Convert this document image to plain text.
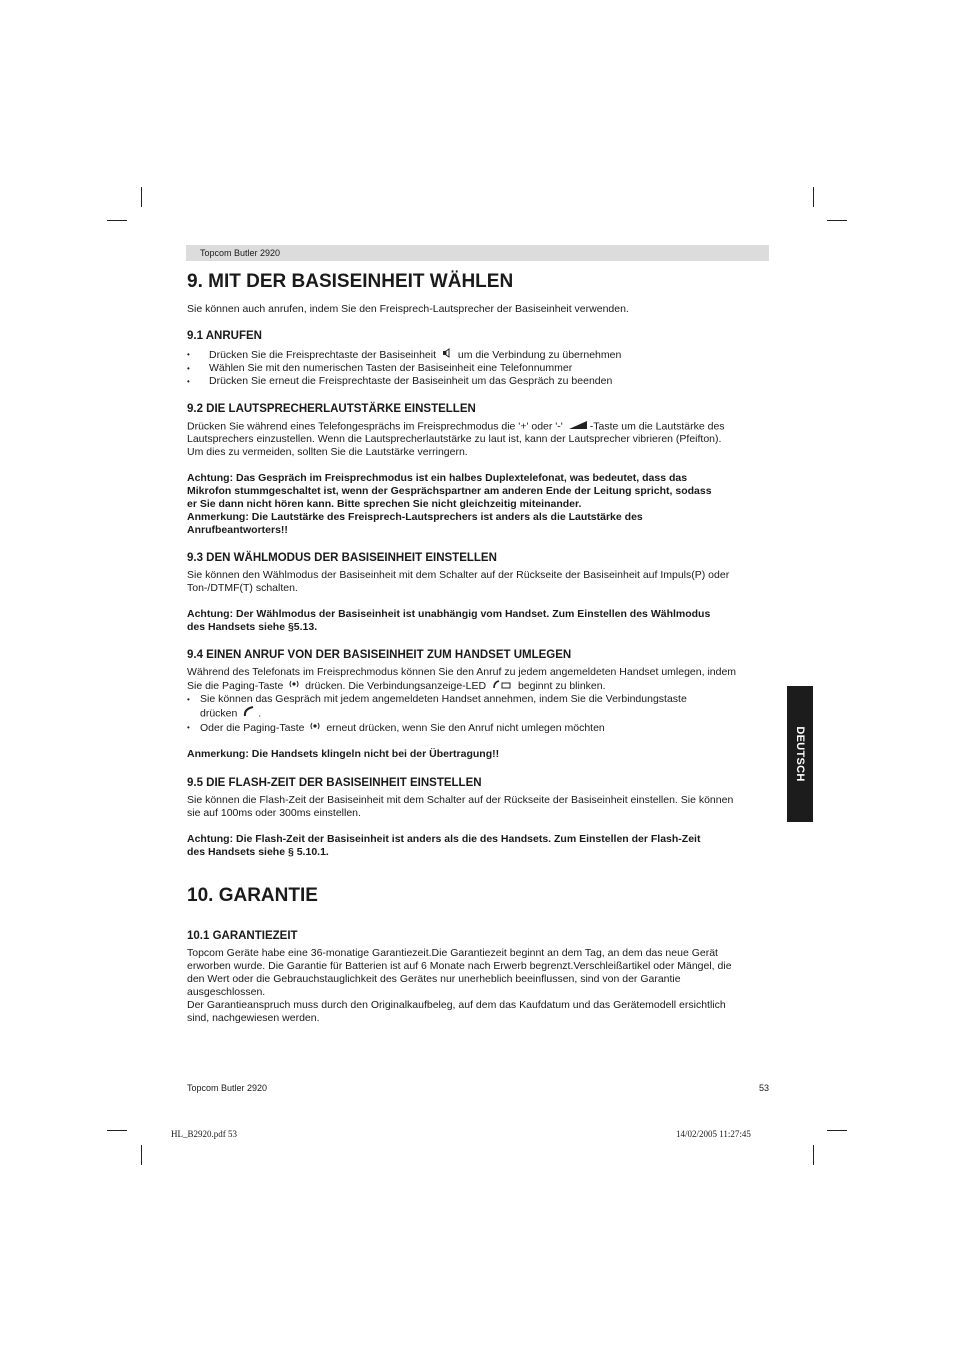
Topcom Butler 2920
9. MIT DER BASISEINHEIT WÄHLEN

Sie können auch anrufen, indem Sie den Freisprech-Lautsprecher der Basiseinheit verwenden.

9.1 ANRUFEN
• Drücken Sie die Freisprechtaste der Basiseinheit um die Verbindung zu übernehmen
• Wählen Sie mit den numerischen Tasten der Basiseinheit eine Telefonnummer
• Drücken Sie erneut die Freisprechtaste der Basiseinheit um das Gespräch zu beenden
9.2 DIE LAUTSPRECHERLAUTSTÄRKE EINSTELLEN

Drücken Sie während eines Telefongesprächs im Freisprechmodus die '+' oder '-'	-Taste um die Lautstärke des
Lautsprechers einzustellen. Wenn die Lautsprecherlautstärke zu laut ist, kann der Lautsprecher vibrieren (Pfeifton).
Um dies zu vermeiden, sollten Sie die Lautstärke verringern.

Achtung: Das Gespräch im Freisprechmodus ist ein halbes Duplextelefonat, was bedeutet, dass das
Mikrofon stummgeschaltet ist, wenn der Gesprächspartner am anderen Ende der Leitung spricht, sodass
er Sie dann nicht hören kann. Bitte sprechen Sie nicht gleichzeitig miteinander.
Anmerkung: Die Lautstärke des Freisprech-Lautsprechers ist anders als die Lautstärke des
Anrufbeantworters!!

9.3 DEN WÄHLMODUS DER BASISEINHEIT EINSTELLEN

Sie können den Wählmodus der Basiseinheit mit dem Schalter auf der Rückseite der Basiseinheit auf Impuls(P) oder
Ton-/DTMF(T) schalten.

Achtung: Der Wählmodus der Basiseinheit ist unabhängig vom Handset. Zum Einstellen des Wählmodus
des Handsets siehe §5.13.

9.4 EINEN ANRUF VON DER BASISEINHEIT ZUM HANDSET UMLEGEN

Während des Telefonats im Freisprechmodus können Sie den Anruf zu jedem angemeldeten Handset umlegen, indem
Sie die Paging-Taste drücken. Die Verbindungsanzeige-LED	beginnt zu blinken.

• Sie können das Gespräch mit jedem angemeldeten Handset annehmen, indem Sie die Verbindungstaste
drücken .
• Oder die Paging-Taste erneut drücken, wenn Sie den Anruf nicht umlegen möchten

Anmerkung: Die Handsets klingeln nicht bei der Übertragung!!

9.5 DIE FLASH-ZEIT DER BASISEINHEIT EINSTELLEN

Sie können die Flash-Zeit der Basiseinheit mit dem Schalter auf der Rückseite der Basiseinheit einstellen. Sie können
sie auf 100ms oder 300ms einstellen.

Achtung: Die Flash-Zeit der Basiseinheit ist anders als die des Handsets. Zum Einstellen der Flash-Zeit
des Handsets siehe § 5.10.1.

10. GARANTIE
10.1 GARANTIEZEIT

Topcom Geräte habe eine 36-monatige Garantiezeit.Die Garantiezeit beginnt an dem Tag, an dem das neue Gerät
erworben wurde. Die Garantie für Batterien ist auf 6 Monate nach Erwerb begrenzt.Verschleißartikel oder Mängel, die
den Wert oder die Gebrauchstauglichkeit des Gerätes nur unerheblich beeinflussen, sind von der Garantie
ausgeschlossen.
Der Garantieanspruch muss durch den Originalkaufbeleg, auf dem das Kaufdatum und das Gerätemodell ersichtlich
sind, nachgewiesen werden.

DEUTSCH
Topcom Butler 2920	53
HL_B2920.pdf 53	14/02/2005 11:27:45
